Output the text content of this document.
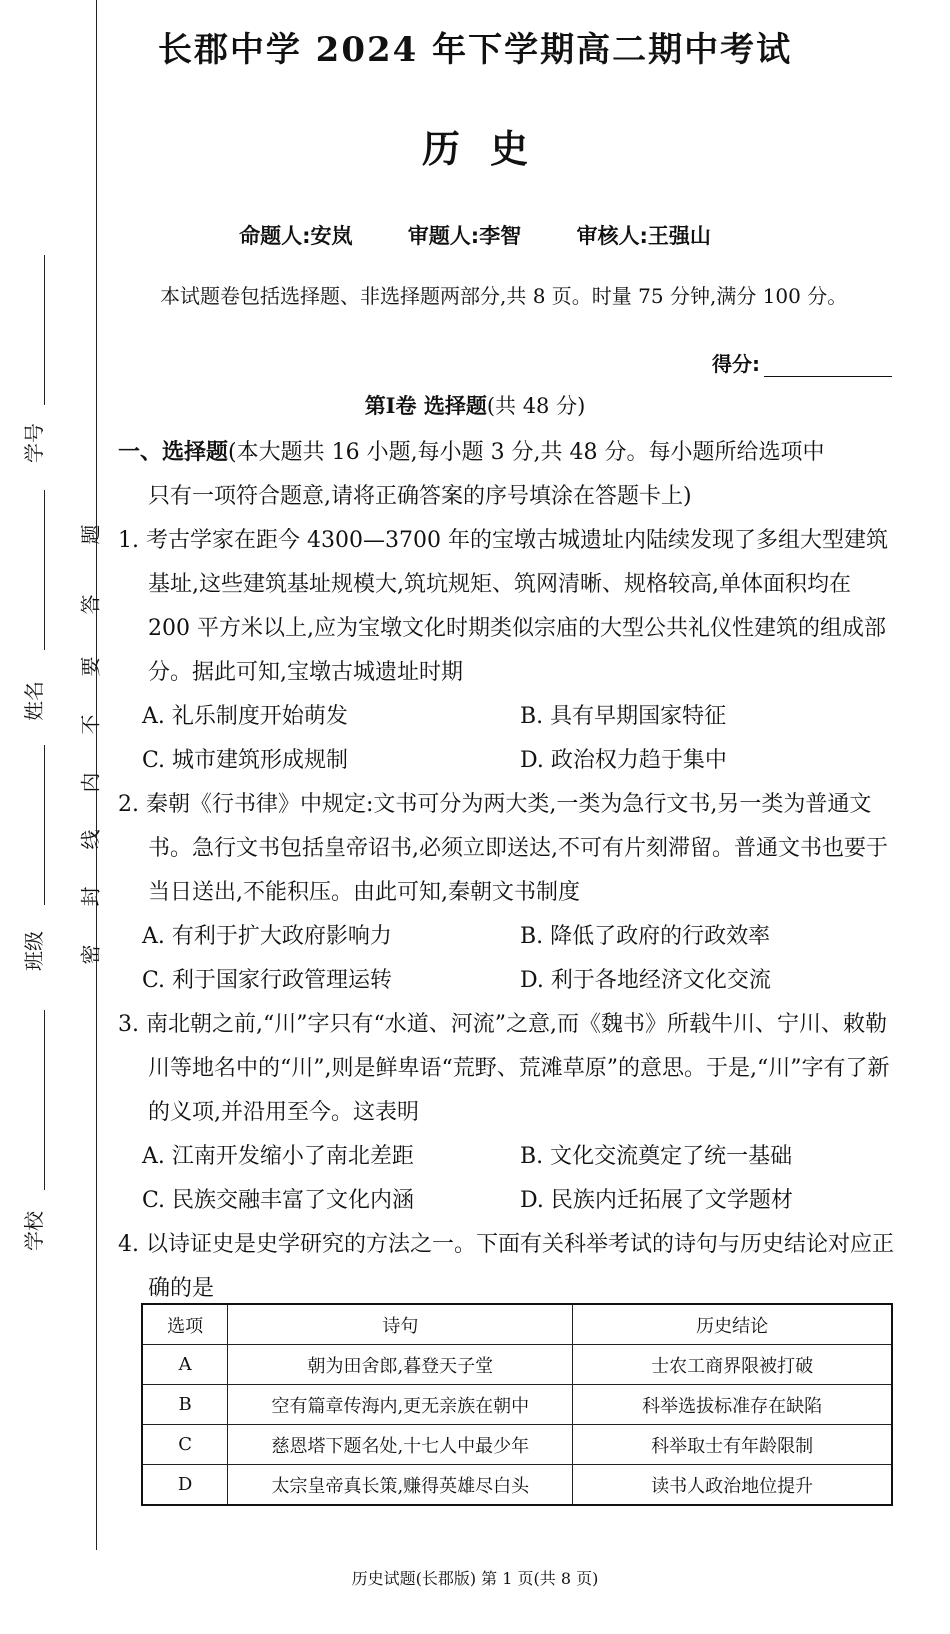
学号
姓名
班级
学校
密
封
线
内
不
要
答
题
长郡中学 2024 年下学期高二期中考试
历史
命题人:安岚	审题人:李智	审核人:王强山
本试题卷包括选择题、非选择题两部分,共 8 页。时量 75 分钟,满分 100 分。
得分:
第Ⅰ卷 选择题(共 48 分)

一、选择题(本大题共 16 小题,每小题 3 分,共 48 分。每小题所给选项中

只有一项符合题意,请将正确答案的序号填涂在答题卡上)

1. 考古学家在距今 4300—3700 年的宝墩古城遗址内陆续发现了多组大型建筑基址,这些建筑基址规模大,筑坑规矩、筑网清晰、规格较高,单体面积均在 200 平方米以上,应为宝墩文化时期类似宗庙的大型公共礼仪性建筑的组成部分。据此可知,宝墩古城遗址时期

A. 礼乐制度开始萌发	B. 具有早期国家特征
C. 城市建筑形成规制	D. 政治权力趋于集中

2. 秦朝《行书律》中规定:文书可分为两大类,一类为急行文书,另一类为普通文书。急行文书包括皇帝诏书,必须立即送达,不可有片刻滞留。普通文书也要于当日送出,不能积压。由此可知,秦朝文书制度

A. 有利于扩大政府影响力	B. 降低了政府的行政效率
C. 利于国家行政管理运转	D. 利于各地经济文化交流

3. 南北朝之前,“川”字只有“水道、河流”之意,而《魏书》所载牛川、宁川、敕勒川等地名中的“川”,则是鲜卑语“荒野、荒滩草原”的意思。于是,“川”字有了新的义项,并沿用至今。这表明

A. 江南开发缩小了南北差距	B. 文化交流奠定了统一基础
C. 民族交融丰富了文化内涵	D. 民族内迁拓展了文学题材

4. 以诗证史是史学研究的方法之一。下面有关科举考试的诗句与历史结论对应正确的是

选项	诗句	历史结论
A	朝为田舍郎,暮登天子堂	士农工商界限被打破
B	空有篇章传海内,更无亲族在朝中	科举选拔标准存在缺陷
C	慈恩塔下题名处,十七人中最少年	科举取士有年龄限制
D	太宗皇帝真长策,赚得英雄尽白头	读书人政治地位提升
历史试题(长郡版) 第 1 页(共 8 页)
